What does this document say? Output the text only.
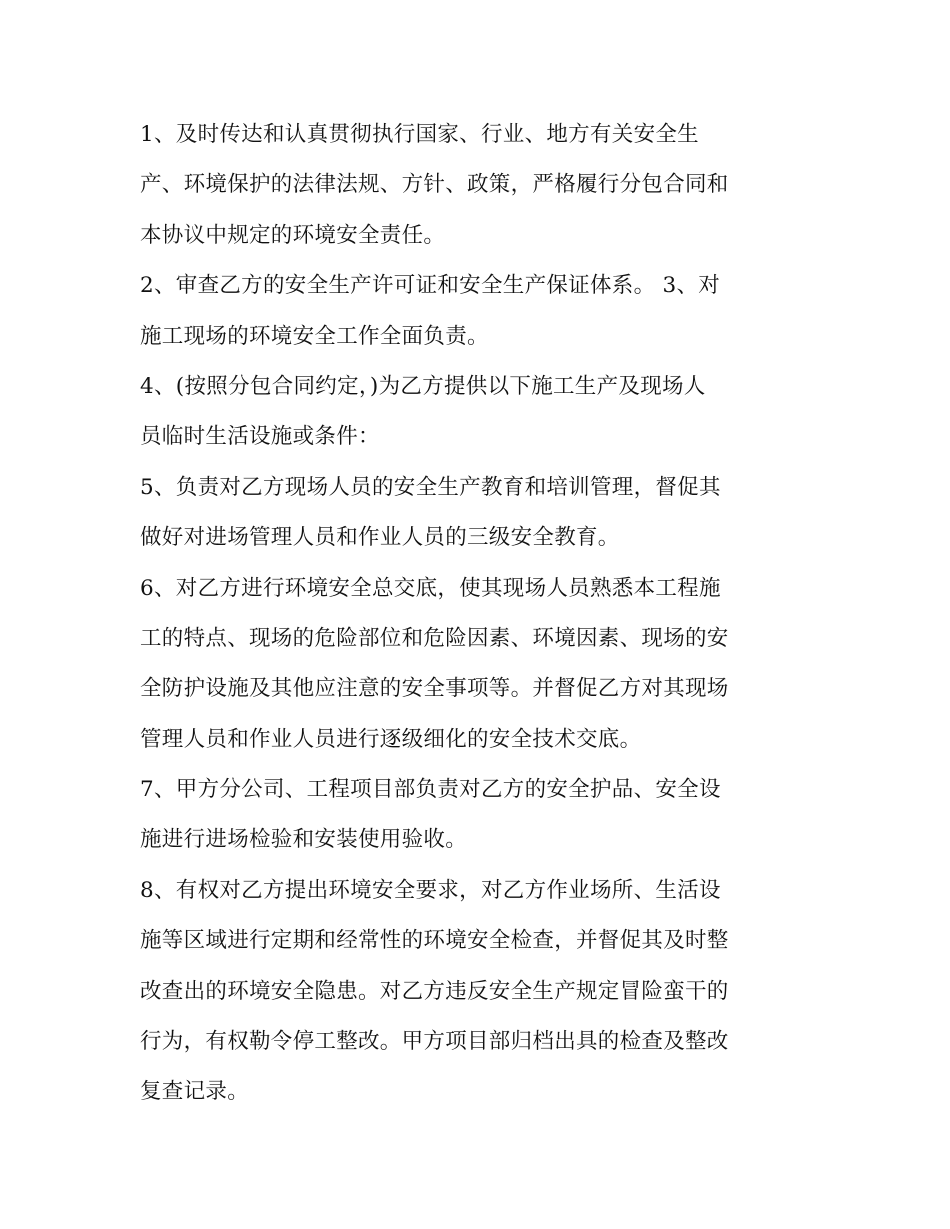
1、及时传达和认真贯彻执行国家、行业、地方有关安全生
产、环境保护的法律法规、方针、政策，严格履行分包合同和
本协议中规定的环境安全责任。
2、审查乙方的安全生产许可证和安全生产保证体系。 3、对
施工现场的环境安全工作全面负责。
4、(按照分包合同约定，)为乙方提供以下施工生产及现场人
员临时生活设施或条件：
5、负责对乙方现场人员的安全生产教育和培训管理，督促其
做好对进场管理人员和作业人员的三级安全教育。
6、对乙方进行环境安全总交底，使其现场人员熟悉本工程施
工的特点、现场的危险部位和危险因素、环境因素、现场的安
全防护设施及其他应注意的安全事项等。并督促乙方对其现场
管理人员和作业人员进行逐级细化的安全技术交底。
7、甲方分公司、工程项目部负责对乙方的安全护品、安全设
施进行进场检验和安装使用验收。
8、有权对乙方提出环境安全要求，对乙方作业场所、生活设
施等区域进行定期和经常性的环境安全检查，并督促其及时整
改查出的环境安全隐患。对乙方违反安全生产规定冒险蛮干的
行为，有权勒令停工整改。甲方项目部归档出具的检查及整改
复查记录。
